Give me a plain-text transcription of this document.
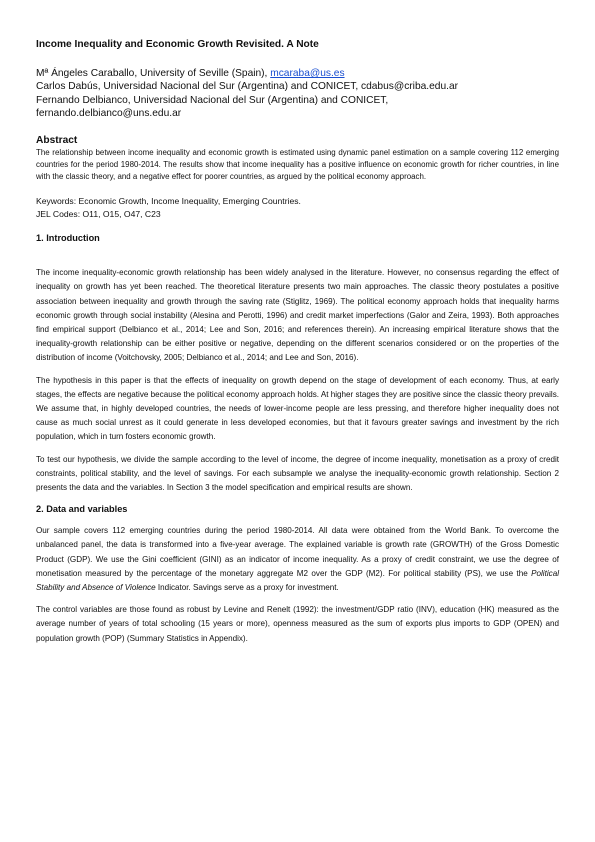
Income Inequality and Economic Growth Revisited. A Note
Mª Ángeles Caraballo, University of Seville (Spain), mcaraba@us.es
Carlos Dabús, Universidad Nacional del Sur (Argentina) and CONICET, cdabus@criba.edu.ar
Fernando Delbianco, Universidad Nacional del Sur (Argentina) and CONICET,
fernando.delbianco@uns.edu.ar
Abstract

The relationship between income inequality and economic growth is estimated using dynamic panel estimation on a sample covering 112 emerging countries for the period 1980-2014. The results show that income inequality has a positive influence on economic growth for richer countries, in line with the classic theory, and a negative effect for poorer countries, as argued by the political economy approach.

Keywords: Economic Growth, Income Inequality, Emerging Countries.
JEL Codes: O11, O15, O47, C23
1. Introduction

The income inequality-economic growth relationship has been widely analysed in the literature. However, no consensus regarding the effect of inequality on growth has yet been reached. The theoretical literature presents two main approaches. The classic theory postulates a positive association between inequality and growth through the saving rate (Stiglitz, 1969). The political economy approach holds that inequality harms economic growth through social instability (Alesina and Perotti, 1996) and credit market imperfections (Galor and Zeira, 1993). Both approaches find empirical support (Delbianco et al., 2014; Lee and Son, 2016; and references therein). An increasing empirical literature shows that the inequality-growth relationship can be either positive or negative, depending on the different scenarios considered or on the properties of the distribution of income (Voitchovsky, 2005; Delbianco et al., 2014; and Lee and Son, 2016).

The hypothesis in this paper is that the effects of inequality on growth depend on the stage of development of each economy. Thus, at early stages, the effects are negative because the political economy approach holds. At higher stages they are positive since the classic theory prevails. We assume that, in highly developed countries, the needs of lower-income people are less pressing, and therefore higher inequality does not cause as much social unrest as it could generate in less developed economies, but that it favours greater savings and investment by the rich population, which in turn fosters economic growth.

To test our hypothesis, we divide the sample according to the level of income, the degree of income inequality, monetisation as a proxy of credit constraints, political stability, and the level of savings. For each subsample we analyse the inequality-economic growth relationship. Section 2 presents the data and the variables. In Section 3 the model specification and empirical results are shown.

2. Data and variables

Our sample covers 112 emerging countries during the period 1980-2014. All data were obtained from the World Bank. To overcome the unbalanced panel, the data is transformed into a five-year average. The explained variable is growth rate (GROWTH) of the Gross Domestic Product (GDP). We use the Gini coefficient (GINI) as an indicator of income inequality. As a proxy of credit constraint, we use the degree of monetisation measured by the percentage of the monetary aggregate M2 over the GDP (M2). For political stability (PS), we use the Political Stability and Absence of Violence Indicator. Savings serve as a proxy for investment.

The control variables are those found as robust by Levine and Renelt (1992): the investment/GDP ratio (INV), education (HK) measured as the average number of years of total schooling (15 years or more), openness measured as the sum of exports plus imports to GDP (OPEN) and population growth (POP) (Summary Statistics in Appendix).
